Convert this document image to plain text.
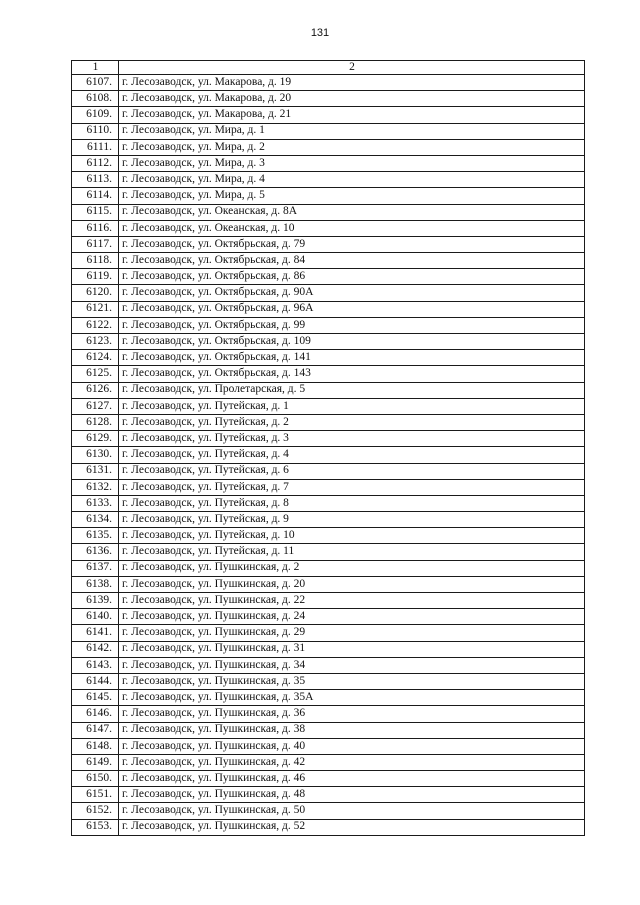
131
1	2
6107.	г. Лесозаводск, ул. Макарова, д. 19
6108.	г. Лесозаводск, ул. Макарова, д. 20
6109.	г. Лесозаводск, ул. Макарова, д. 21
6110.	г. Лесозаводск, ул. Мира, д. 1
6111.	г. Лесозаводск, ул. Мира, д. 2
6112.	г. Лесозаводск, ул. Мира, д. 3
6113.	г. Лесозаводск, ул. Мира, д. 4
6114.	г. Лесозаводск, ул. Мира, д. 5
6115.	г. Лесозаводск, ул. Океанская, д. 8А
6116.	г. Лесозаводск, ул. Океанская, д. 10
6117.	г. Лесозаводск, ул. Октябрьская, д. 79
6118.	г. Лесозаводск, ул. Октябрьская, д. 84
6119.	г. Лесозаводск, ул. Октябрьская, д. 86
6120.	г. Лесозаводск, ул. Октябрьская, д. 90А
6121.	г. Лесозаводск, ул. Октябрьская, д. 96А
6122.	г. Лесозаводск, ул. Октябрьская, д. 99
6123.	г. Лесозаводск, ул. Октябрьская, д. 109
6124.	г. Лесозаводск, ул. Октябрьская, д. 141
6125.	г. Лесозаводск, ул. Октябрьская, д. 143
6126.	г. Лесозаводск, ул. Пролетарская, д. 5
6127.	г. Лесозаводск, ул. Путейская, д. 1
6128.	г. Лесозаводск, ул. Путейская, д. 2
6129.	г. Лесозаводск, ул. Путейская, д. 3
6130.	г. Лесозаводск, ул. Путейская, д. 4
6131.	г. Лесозаводск, ул. Путейская, д. 6
6132.	г. Лесозаводск, ул. Путейская, д. 7
6133.	г. Лесозаводск, ул. Путейская, д. 8
6134.	г. Лесозаводск, ул. Путейская, д. 9
6135.	г. Лесозаводск, ул. Путейская, д. 10
6136.	г. Лесозаводск, ул. Путейская, д. 11
6137.	г. Лесозаводск, ул. Пушкинская, д. 2
6138.	г. Лесозаводск, ул. Пушкинская, д. 20
6139.	г. Лесозаводск, ул. Пушкинская, д. 22
6140.	г. Лесозаводск, ул. Пушкинская, д. 24
6141.	г. Лесозаводск, ул. Пушкинская, д. 29
6142.	г. Лесозаводск, ул. Пушкинская, д. 31
6143.	г. Лесозаводск, ул. Пушкинская, д. 34
6144.	г. Лесозаводск, ул. Пушкинская, д. 35
6145.	г. Лесозаводск, ул. Пушкинская, д. 35А
6146.	г. Лесозаводск, ул. Пушкинская, д. 36
6147.	г. Лесозаводск, ул. Пушкинская, д. 38
6148.	г. Лесозаводск, ул. Пушкинская, д. 40
6149.	г. Лесозаводск, ул. Пушкинская, д. 42
6150.	г. Лесозаводск, ул. Пушкинская, д. 46
6151.	г. Лесозаводск, ул. Пушкинская, д. 48
6152.	г. Лесозаводск, ул. Пушкинская, д. 50
6153.	г. Лесозаводск, ул. Пушкинская, д. 52
